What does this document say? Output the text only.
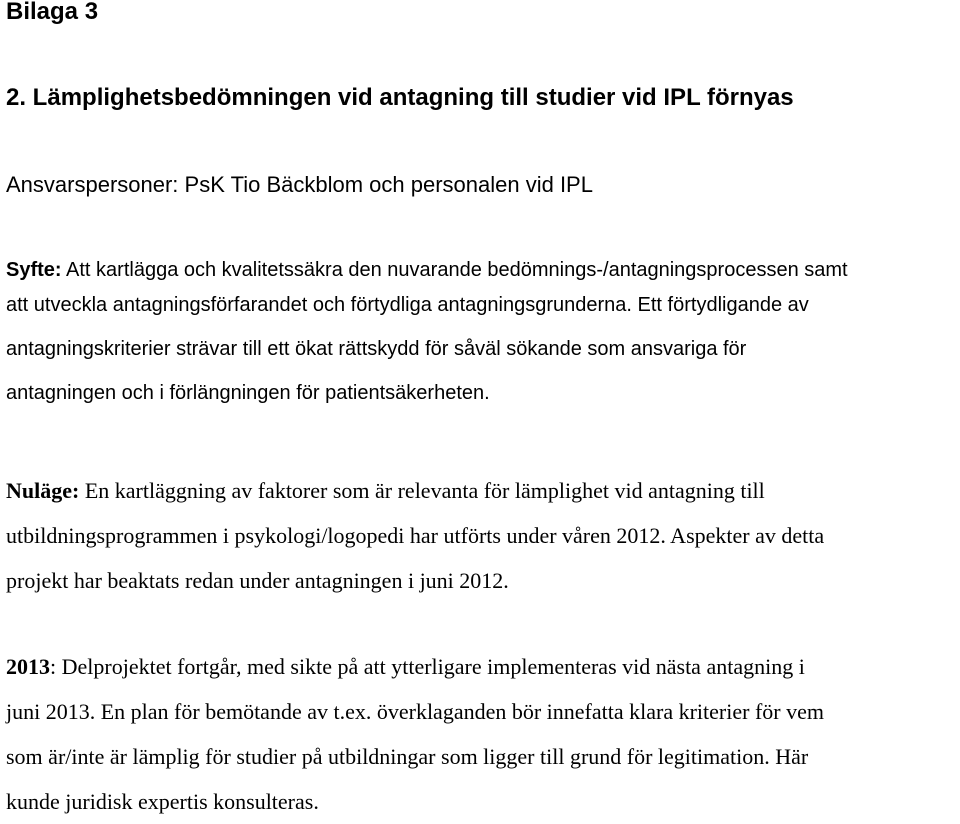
Bilaga 3

2. Lämplighetsbedömningen vid antagning till studier vid IPL förnyas

Ansvarspersoner: PsK Tio Bäckblom och personalen vid IPL

Syfte: Att kartlägga och kvalitetssäkra den nuvarande bedömnings-/antagningsprocessen samt
att utveckla antagningsförfarandet och förtydliga antagningsgrunderna. Ett förtydligande av
antagningskriterier strävar till ett ökat rättskydd för såväl sökande som ansvariga för
antagningen och i förlängningen för patientsäkerheten.
Nuläge: En kartläggning av faktorer som är relevanta för lämplighet vid antagning till
utbildningsprogrammen i psykologi/logopedi har utförts under våren 2012. Aspekter av detta
projekt har beaktats redan under antagningen i juni 2012.
2013: Delprojektet fortgår, med sikte på att ytterligare implementeras vid nästa antagning i
juni 2013. En plan för bemötande av t.ex. överklaganden bör innefatta klara kriterier för vem
som är/inte är lämplig för studier på utbildningar som ligger till grund för legitimation. Här
kunde juridisk expertis konsulteras.
